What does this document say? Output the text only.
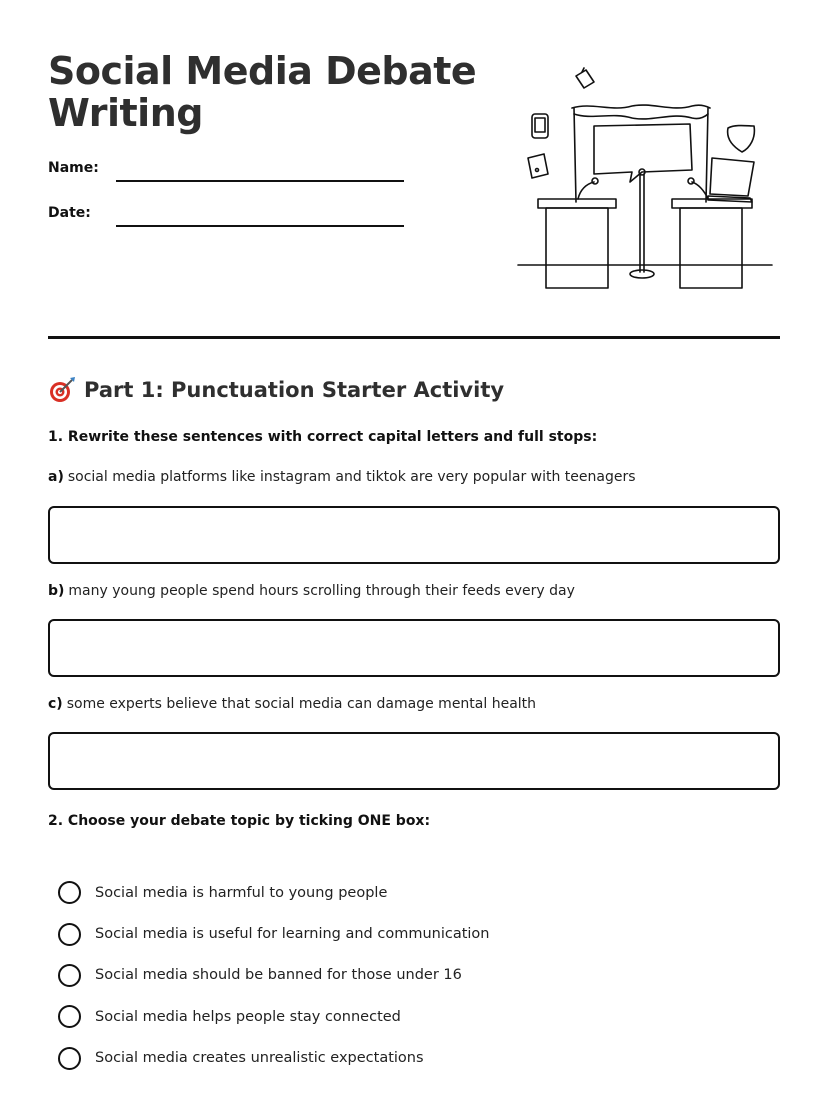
Social Media Debate Writing
Name:
Date:
Part 1: Punctuation Starter Activity
1. Rewrite these sentences with correct capital letters and full stops:
a) social media platforms like instagram and tiktok are very popular with teenagers
b) many young people spend hours scrolling through their feeds every day
c) some experts believe that social media can damage mental health
2. Choose your debate topic by ticking ONE box:
Social media is harmful to young people
Social media is useful for learning and communication
Social media should be banned for those under 16
Social media helps people stay connected
Social media creates unrealistic expectations
